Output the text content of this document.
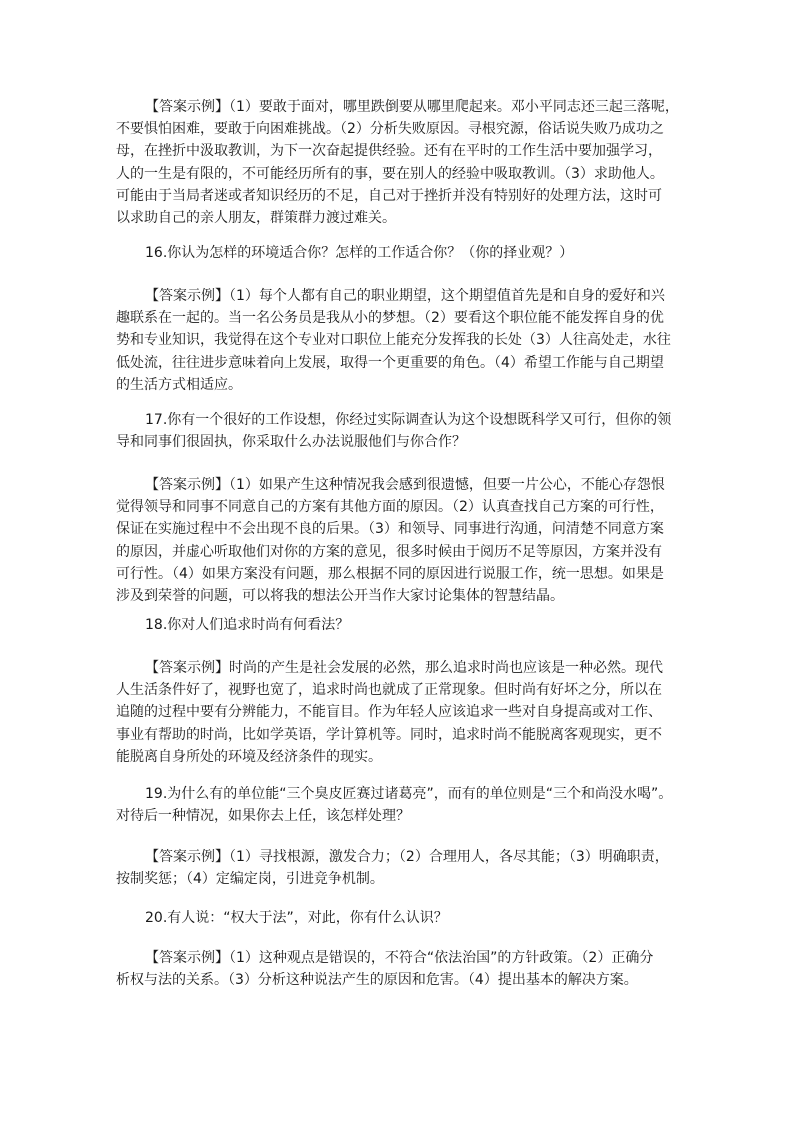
【答案示例】（1）要敢于面对，哪里跌倒要从哪里爬起来。邓小平同志还三起三落呢，
不要惧怕困难，要敢于向困难挑战。（2）分析失败原因。寻根究源，俗话说失败乃成功之
母，在挫折中汲取教训，为下一次奋起提供经验。还有在平时的工作生活中要加强学习，
人的一生是有限的，不可能经历所有的事，要在别人的经验中吸取教训。（3）求助他人。
可能由于当局者迷或者知识经历的不足，自己对于挫折并没有特别好的处理方法，这时可
以求助自己的亲人朋友，群策群力渡过难关。
16.你认为怎样的环境适合你？怎样的工作适合你？（你的择业观？）
【答案示例】（1）每个人都有自己的职业期望，这个期望值首先是和自身的爱好和兴
趣联系在一起的。当一名公务员是我从小的梦想。（2）要看这个职位能不能发挥自身的优
势和专业知识，我觉得在这个专业对口职位上能充分发挥我的长处（3）人往高处走，水往
低处流，往往进步意味着向上发展，取得一个更重要的角色。（4）希望工作能与自己期望
的生活方式相适应。
17.你有一个很好的工作设想，你经过实际调查认为这个设想既科学又可行，但你的领
导和同事们很固执，你采取什么办法说服他们与你合作？
【答案示例】（1）如果产生这种情况我会感到很遗憾，但要一片公心，不能心存怨恨
觉得领导和同事不同意自己的方案有其他方面的原因。（2）认真查找自己方案的可行性，
保证在实施过程中不会出现不良的后果。（3）和领导、同事进行沟通，问清楚不同意方案
的原因，并虚心听取他们对你的方案的意见，很多时候由于阅历不足等原因，方案并没有
可行性。（4）如果方案没有问题，那么根据不同的原因进行说服工作，统一思想。如果是
涉及到荣誉的问题，可以将我的想法公开当作大家讨论集体的智慧结晶。
18.你对人们追求时尚有何看法？
【答案示例】时尚的产生是社会发展的必然，那么追求时尚也应该是一种必然。现代
人生活条件好了，视野也宽了，追求时尚也就成了正常现象。但时尚有好坏之分，所以在
追随的过程中要有分辨能力，不能盲目。作为年轻人应该追求一些对自身提高或对工作、
事业有帮助的时尚，比如学英语，学计算机等。同时，追求时尚不能脱离客观现实，更不
能脱离自身所处的环境及经济条件的现实。
19.为什么有的单位能“三个臭皮匠赛过诸葛亮”，而有的单位则是“三个和尚没水喝”。
对待后一种情况，如果你去上任，该怎样处理？
【答案示例】（1）寻找根源，激发合力；（2）合理用人，各尽其能；（3）明确职责，
按制奖惩；（4）定编定岗，引进竞争机制。
20.有人说：“权大于法”，对此，你有什么认识？
【答案示例】（1）这种观点是错误的，不符合“依法治国”的方针政策。（2）正确分
析权与法的关系。（3）分析这种说法产生的原因和危害。（4）提出基本的解决方案。
